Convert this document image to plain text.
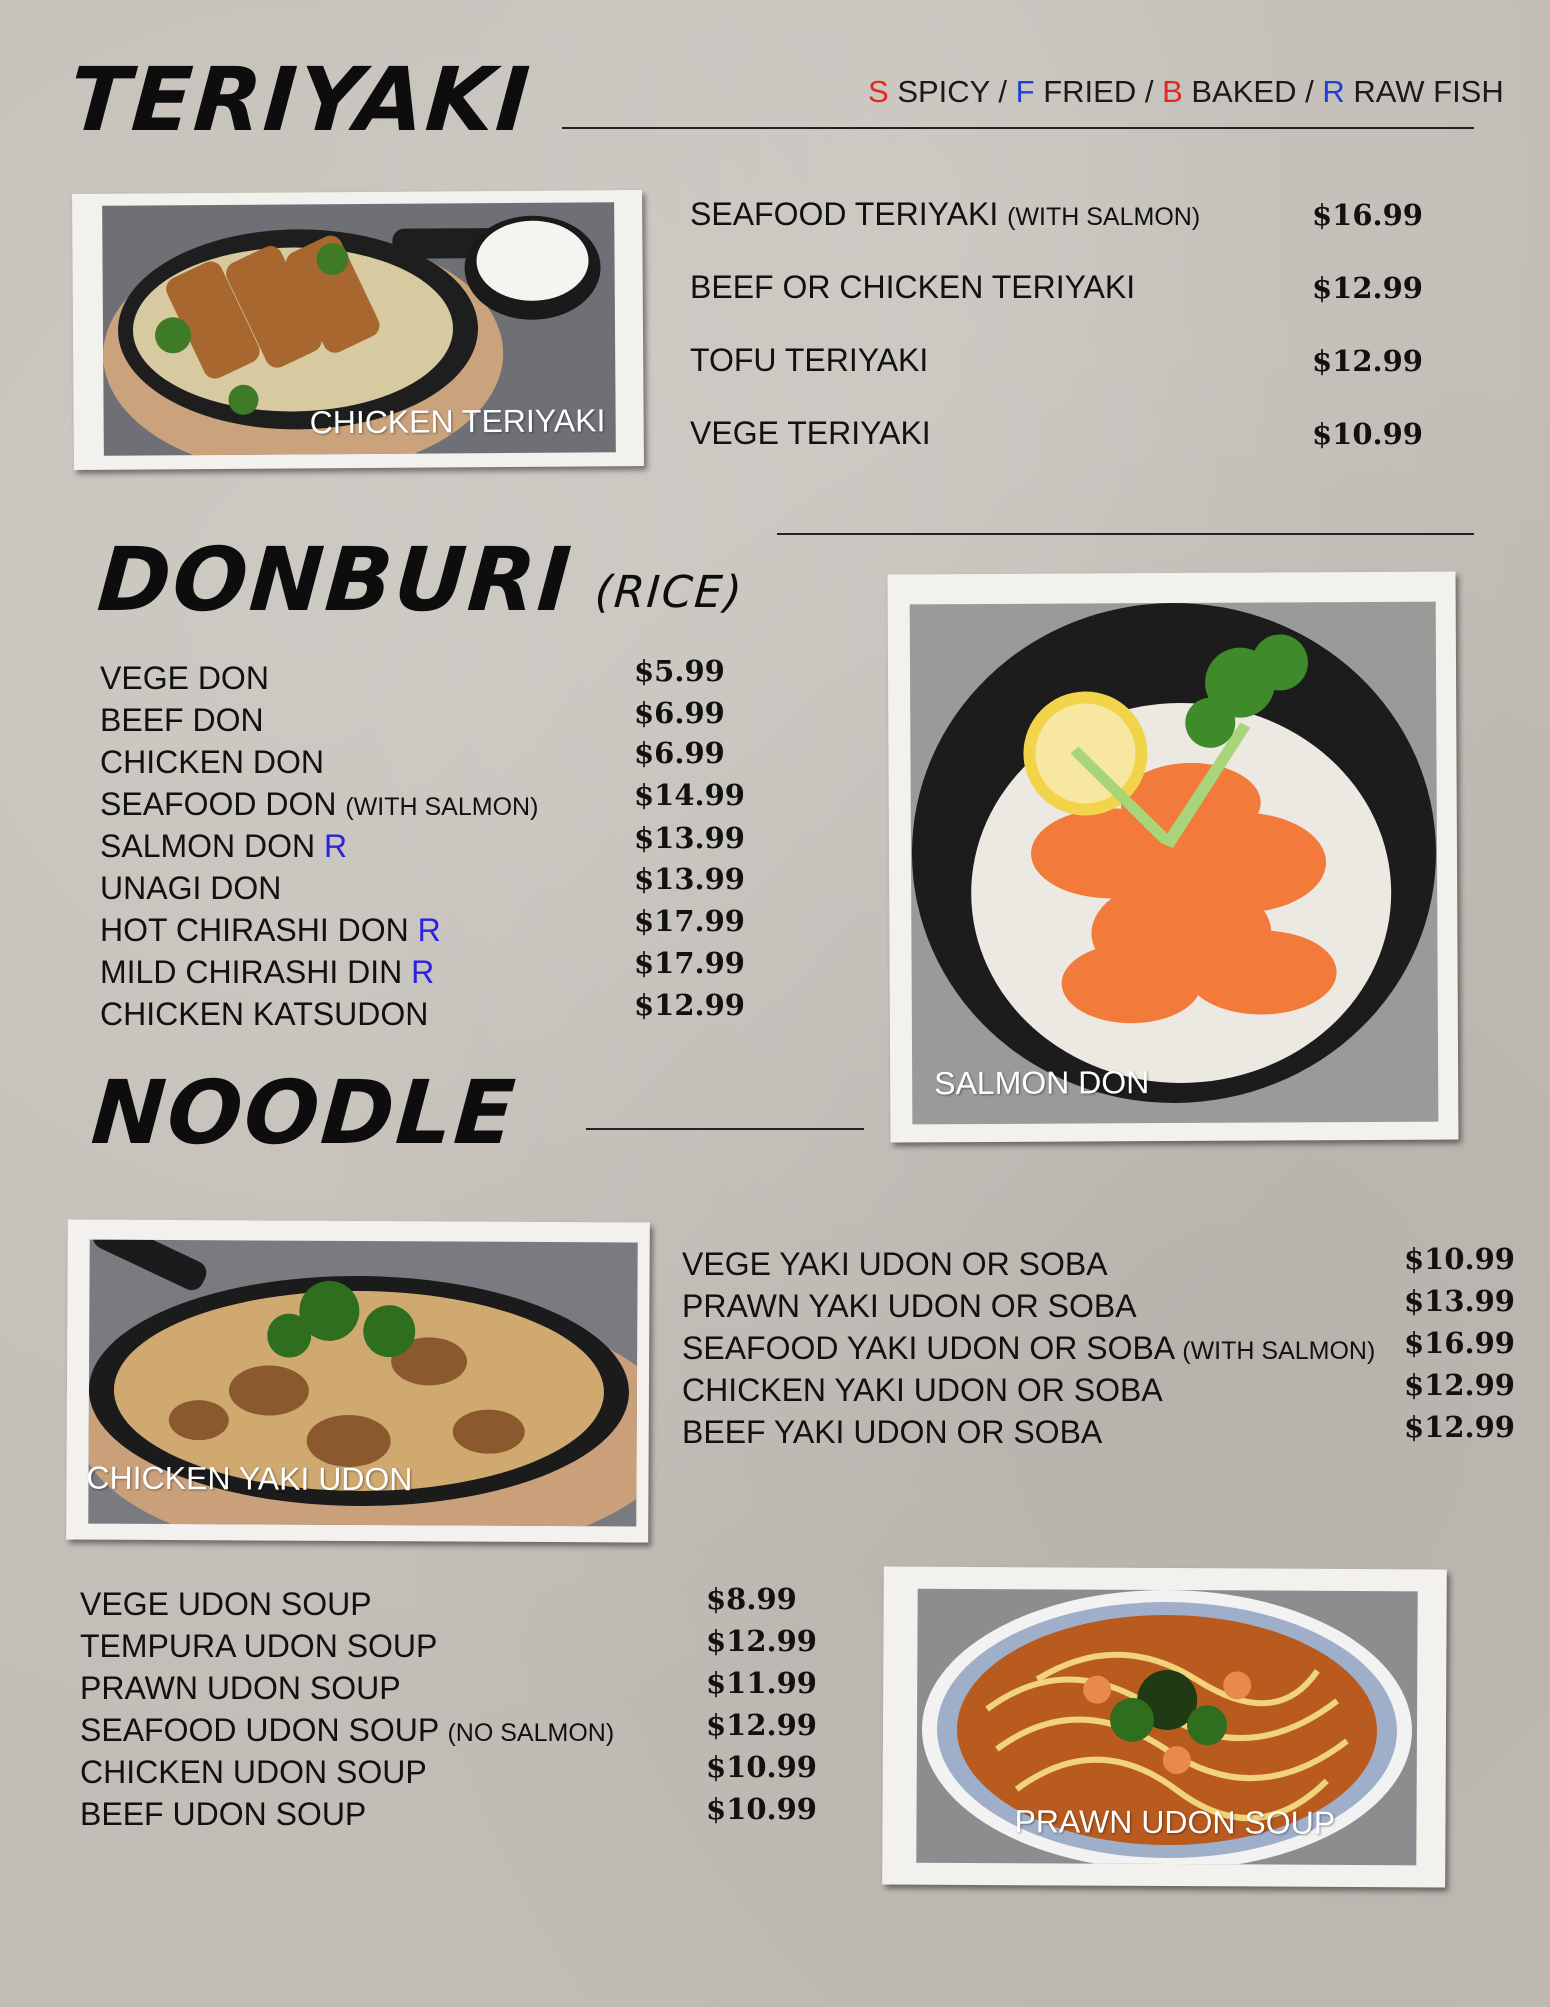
TERIYAKI	S SPICY / F FRIED / B BAKED / R RAW FISH
CHICKEN TERIYAKI
SEAFOOD TERIYAKI (WITH SALMON)	$16.99
BEEF OR CHICKEN TERIYAKI	$12.99
TOFU TERIYAKI	$12.99
VEGE TERIYAKI	$10.99
DONBURI (RICE)
VEGE DON	$5.99
BEEF DON	$6.99
CHICKEN DON	$6.99
SEAFOOD DON (WITH SALMON)	$14.99
SALMON DON R	$13.99
UNAGI DON	$13.99
HOT CHIRASHI DON R	$17.99
MILD CHIRASHI DIN R	$17.99
CHICKEN KATSUDON	$12.99
SALMON DON
NOODLE
CHICKEN YAKI UDON
VEGE YAKI UDON OR SOBA	$10.99
PRAWN YAKI UDON OR SOBA	$13.99
SEAFOOD YAKI UDON OR SOBA (WITH SALMON) $16.99
CHICKEN YAKI UDON OR SOBA	$12.99
BEEF YAKI UDON OR SOBA	$12.99
VEGE UDON SOUP	$8.99
TEMPURA UDON SOUP	$12.99
PRAWN UDON SOUP	$11.99
SEAFOOD UDON SOUP (NO SALMON)	$12.99
CHICKEN UDON SOUP	$10.99
BEEF UDON SOUP	$10.99	PRAWN UDON SOUP
